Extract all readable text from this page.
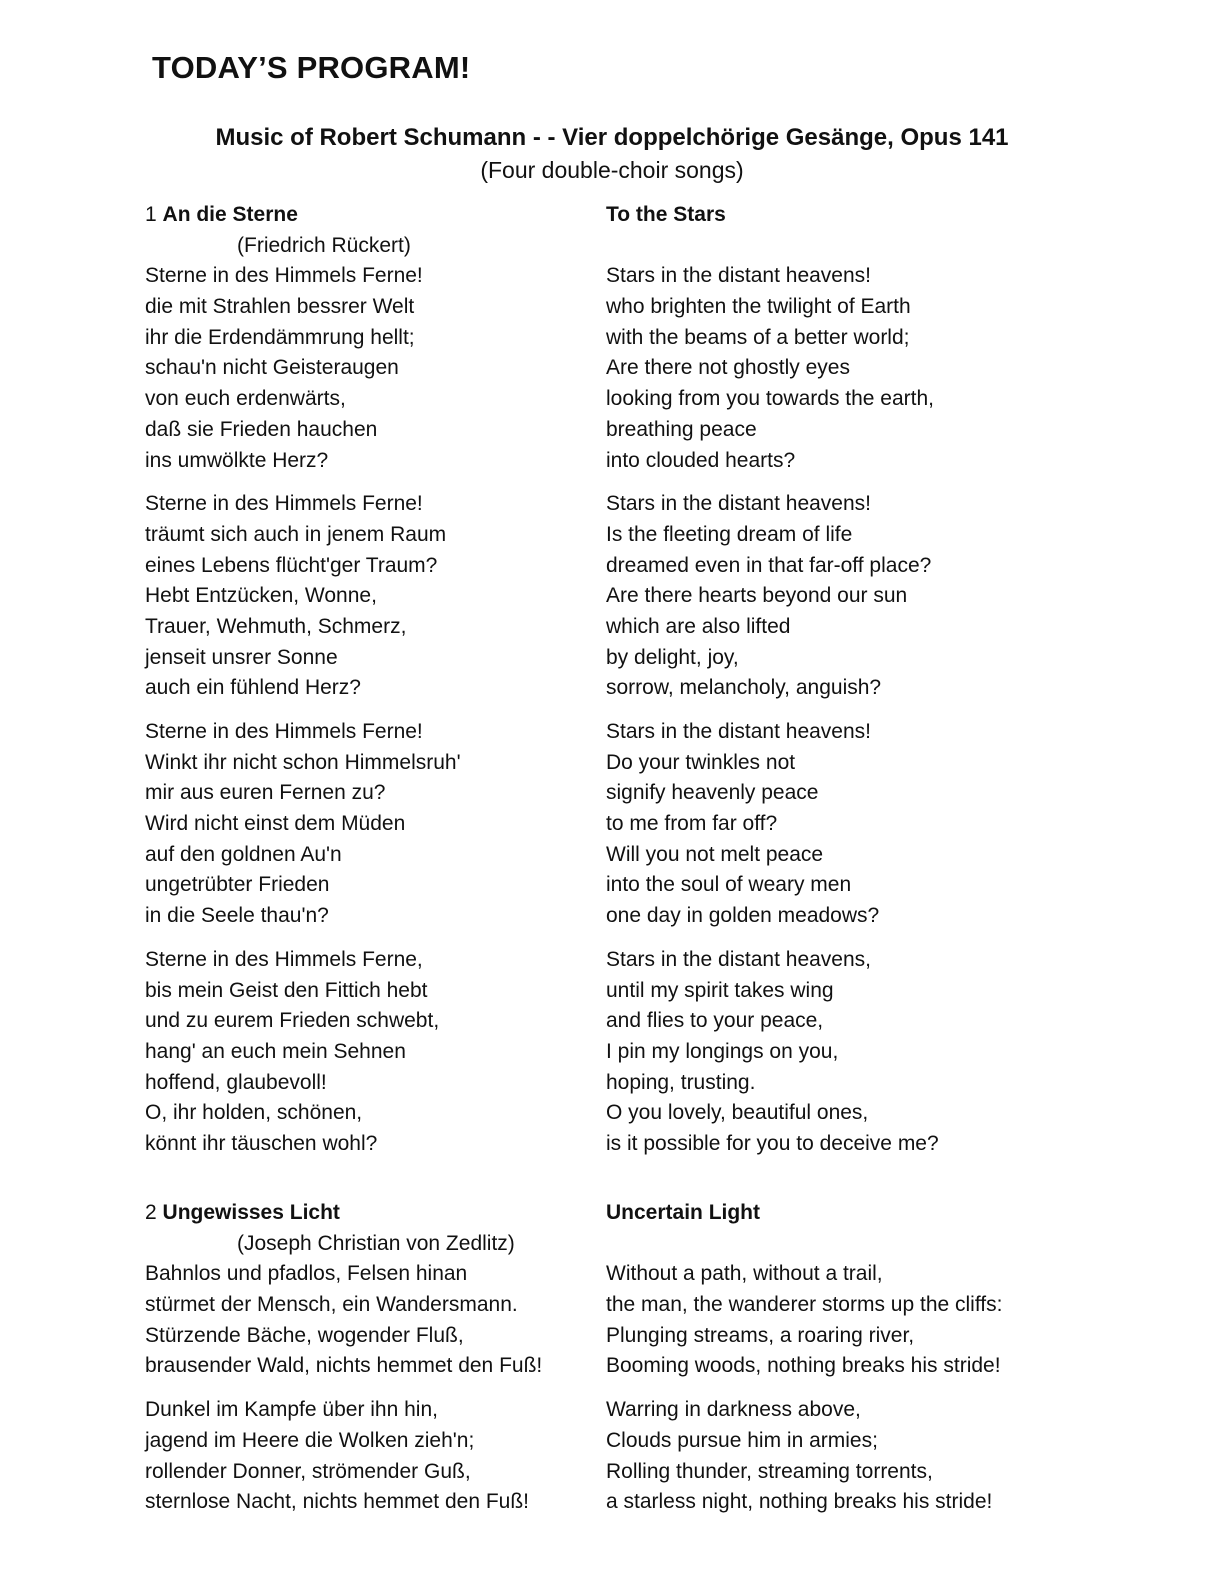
TODAY’S PROGRAM!
Music of Robert Schumann - - Vier doppelchörige Gesänge, Opus 141

(Four double-choir songs)

1 An die Sterne
(Friedrich Rückert)
Sterne in des Himmels Ferne!
die mit Strahlen bessrer Welt
ihr die Erdendämmrung hellt;
schau'n nicht Geisteraugen
von euch erdenwärts,
daß sie Frieden hauchen
ins umwölkte Herz?
Sterne in des Himmels Ferne!
träumt sich auch in jenem Raum
eines Lebens flücht'ger Traum?
Hebt Entzücken, Wonne,
Trauer, Wehmuth, Schmerz,
jenseit unsrer Sonne
auch ein fühlend Herz?
Sterne in des Himmels Ferne!
Winkt ihr nicht schon Himmelsruh'
mir aus euren Fernen zu?
Wird nicht einst dem Müden
auf den goldnen Au'n
ungetrübter Frieden
in die Seele thau'n?
Sterne in des Himmels Ferne,
bis mein Geist den Fittich hebt
und zu eurem Frieden schwebt,
hang' an euch mein Sehnen
hoffend, glaubevoll!
O, ihr holden, schönen,
könnt ihr täuschen wohl?
To the Stars
Stars in the distant heavens!
who brighten the twilight of Earth
with the beams of a better world;
Are there not ghostly eyes
looking from you towards the earth,
breathing peace
into clouded hearts?
Stars in the distant heavens!
Is the fleeting dream of life
dreamed even in that far-off place?
Are there hearts beyond our sun
which are also lifted
by delight, joy,
sorrow, melancholy, anguish?
Stars in the distant heavens!
Do your twinkles not
signify heavenly peace
to me from far off?
Will you not melt peace
into the soul of weary men
one day in golden meadows?
Stars in the distant heavens,
until my spirit takes wing
and flies to your peace,
I pin my longings on you,
hoping, trusting.
O you lovely, beautiful ones,
is it possible for you to deceive me?
2 Ungewisses Licht
(Joseph Christian von Zedlitz)
Bahnlos und pfadlos, Felsen hinan
stürmet der Mensch, ein Wandersmann.
Stürzende Bäche, wogender Fluß,
brausender Wald, nichts hemmet den Fuß!
Dunkel im Kampfe über ihn hin,
jagend im Heere die Wolken zieh'n;
rollender Donner, strömender Guß,
sternlose Nacht, nichts hemmet den Fuß!
Uncertain Light
Without a path, without a trail,
the man, the wanderer storms up the cliffs:
Plunging streams, a roaring river,
Booming woods, nothing breaks his stride!
Warring in darkness above,
Clouds pursue him in armies;
Rolling thunder, streaming torrents,
a starless night, nothing breaks his stride!
